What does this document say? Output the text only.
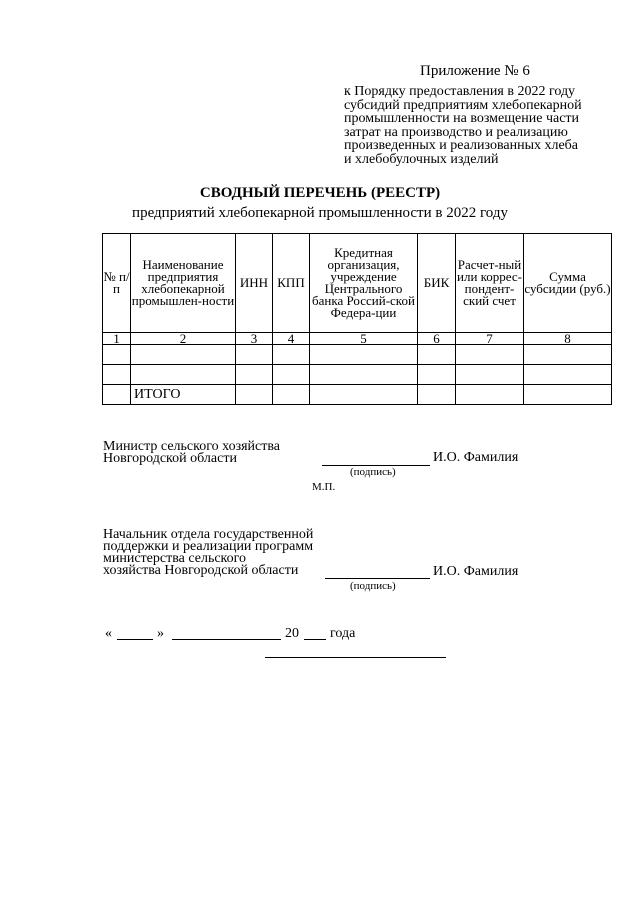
Приложение № 6
к Порядку предоставления в 2022 году
субсидий предприятиям хлебопекарной
промышленности на возмещение части
затрат на производство и реализацию
произведенных и реализованных хлеба
и хлебобулочных изделий
СВОДНЫЙ ПЕРЕЧЕНЬ (РЕЕСТР)
предприятий хлебопекарной промышленности в 2022 году
№ п/п	Наименование предприятия хлебопекарной промышлен-ности	ИНН	КПП	Кредитная организация, учреждение Центрального банка Россий-ской Федера-ции	БИК	Расчет-ный или коррес-пондент-ский счет	Сумма субсидии (руб.)
1	2	3	4	5	6	7	8

	ИТОГО						
Министр сельского хозяйства
Новгородской области	И.О. Фамилия
(подпись)
М.П.
Начальник отдела государственной
поддержки и реализации программ
министерства сельского
хозяйства Новгородской области	И.О. Фамилия
(подпись)
«	»	20 года
